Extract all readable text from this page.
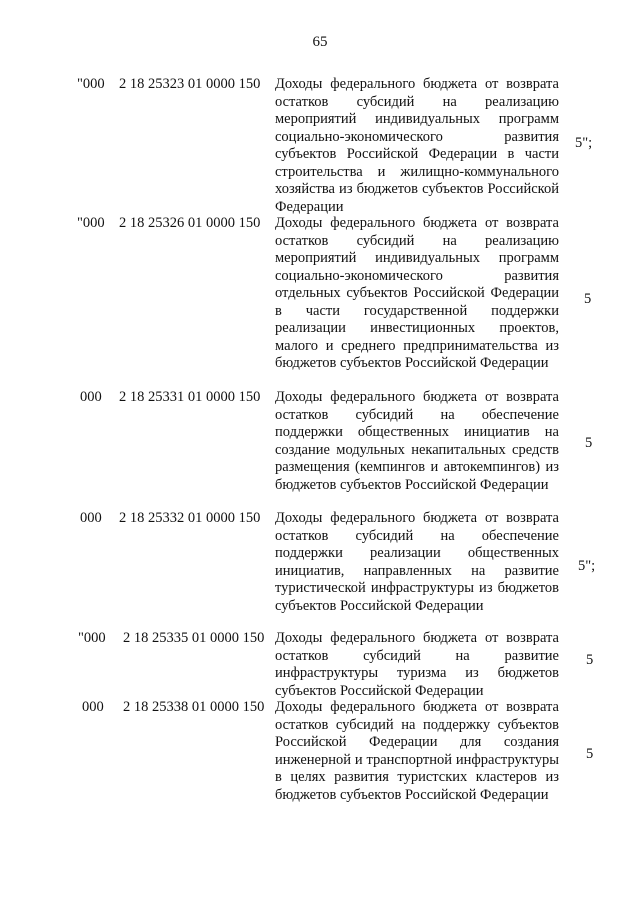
65
"000 2 18 25323 01 0000 150 Доходы федерального бюджета от возврата остатков субсидий на реализацию мероприятий индивидуальных программ социально-экономического развития субъектов Российской Федерации в части строительства и жилищно-коммунального хозяйства из бюджетов субъектов Российской Федерации
5";
"000 2 18 25326 01 0000 150 Доходы федерального бюджета от возврата остатков субсидий на реализацию мероприятий индивидуальных программ социально-экономического развития отдельных субъектов Российской Федерации в части государственной поддержки реализации инвестиционных проектов, малого и среднего предпринимательства из бюджетов субъектов Российской Федерации
5
000 2 18 25331 01 0000 150 Доходы федерального бюджета от возврата остатков субсидий на обеспечение поддержки общественных инициатив на создание модульных некапитальных средств размещения (кемпингов и автокемпингов) из бюджетов субъектов Российской Федерации
5
000 2 18 25332 01 0000 150 Доходы федерального бюджета от возврата остатков субсидий на обеспечение поддержки реализации общественных инициатив, направленных на развитие туристической инфраструктуры из бюджетов субъектов Российской Федерации
5";
"000 2 18 25335 01 0000 150 Доходы федерального бюджета от возврата остатков субсидий на развитие инфраструктуры туризма из бюджетов субъектов Российской Федерации
5
000 2 18 25338 01 0000 150 Доходы федерального бюджета от возврата остатков субсидий на поддержку субъектов Российской Федерации для создания инженерной и транспортной инфраструктуры в целях развития туристских кластеров из бюджетов субъектов Российской Федерации
5
